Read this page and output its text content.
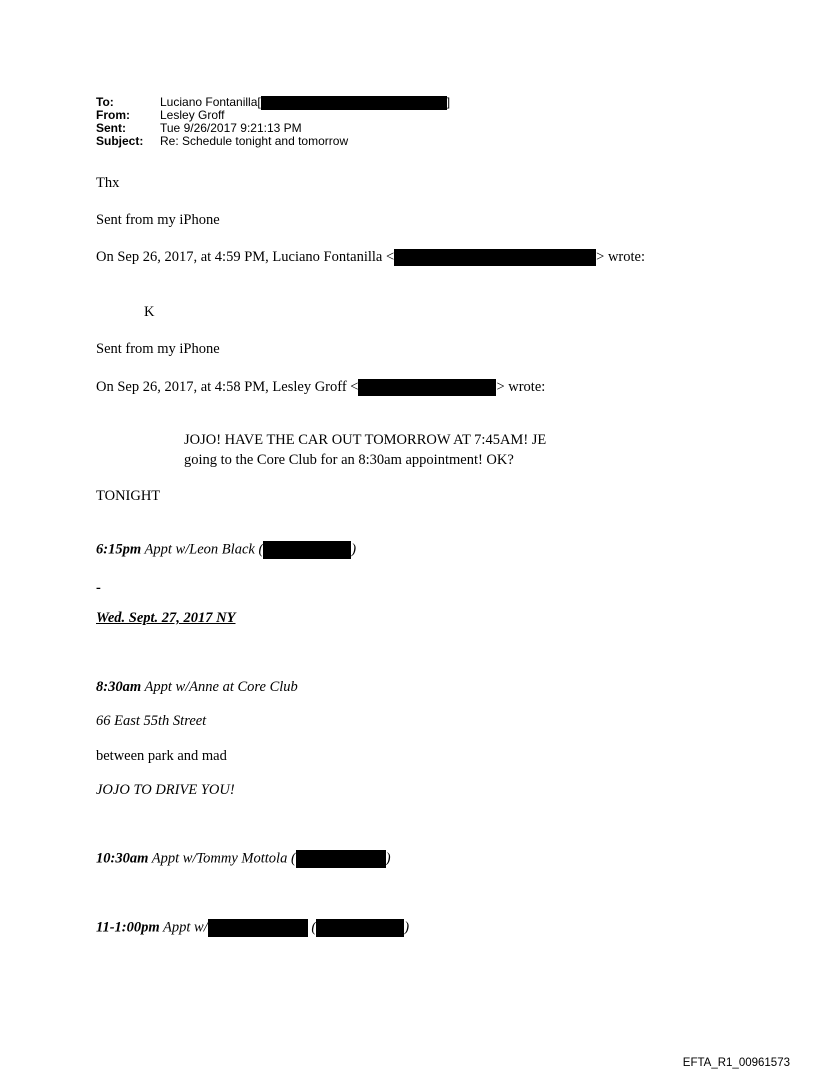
To:	Luciano Fontanilla[	]
From:	Lesley Groff
Sent:	Tue 9/26/2017 9:21:13 PM
Subject:	Re: Schedule tonight and tomorrow
Thx
Sent from my iPhone
On Sep 26, 2017, at 4:59 PM, Luciano Fontanilla <	> wrote:
K
Sent from my iPhone
On Sep 26, 2017, at 4:58 PM, Lesley Groff <	> wrote:
JOJO! HAVE THE CAR OUT TOMORROW AT 7:45AM! JE
going to the Core Club for an 8:30am appointment! OK?
TONIGHT
6:15pm Appt w/Leon Black (	)
-
Wed. Sept. 27, 2017 NY
8:30am Appt w/Anne at Core Club
66 East 55th Street
between park and mad
JOJO TO DRIVE YOU!
10:30am Appt w/Tommy Mottola (	)
11-1:00pm Appt w/	(	)
EFTA_R1_00961573
